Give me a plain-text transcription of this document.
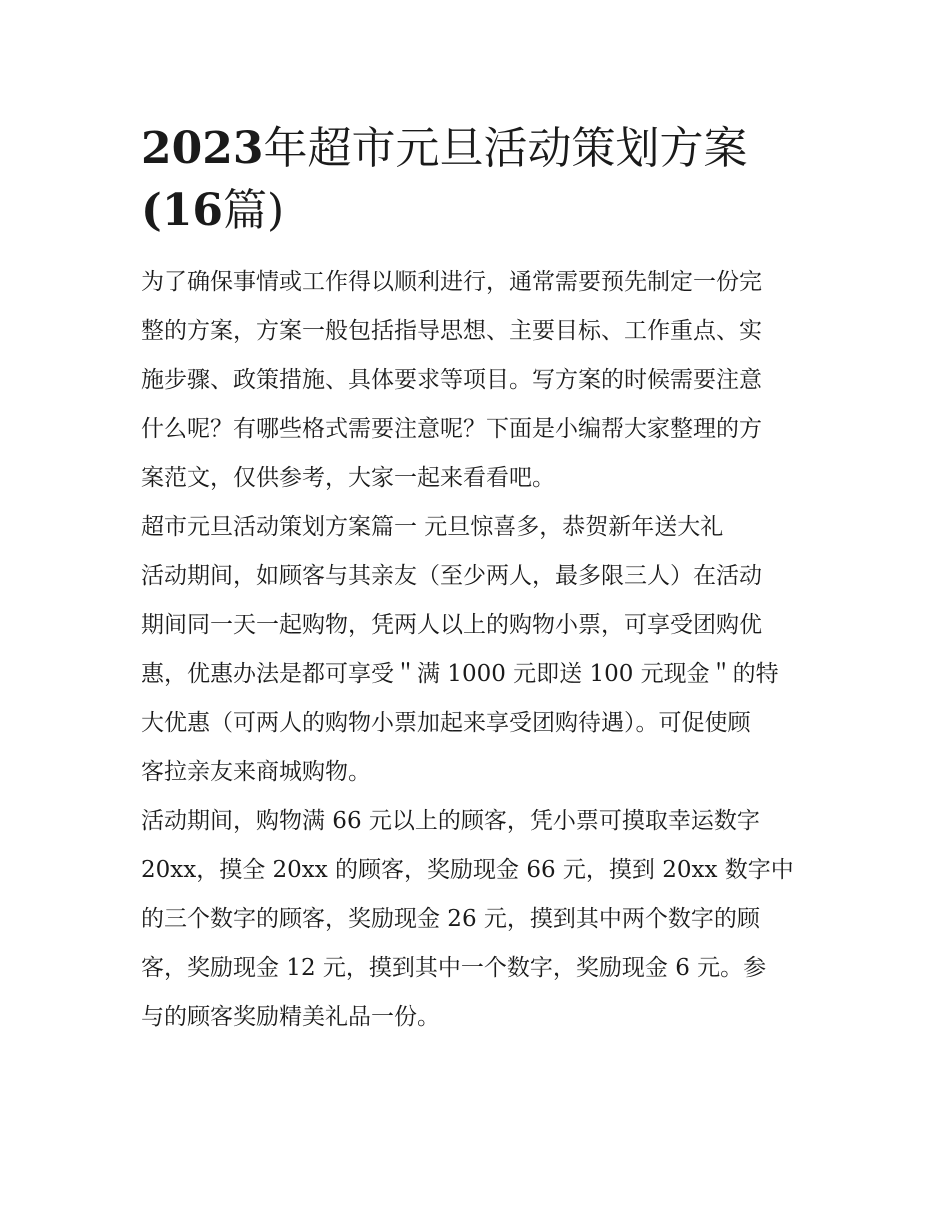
2023年超市元旦活动策划方案
(16篇)

为了确保事情或工作得以顺利进行，通常需要预先制定一份完
整的方案，方案一般包括指导思想、主要目标、工作重点、实
施步骤、政策措施、具体要求等项目。写方案的时候需要注意
什么呢？有哪些格式需要注意呢？下面是小编帮大家整理的方
案范文，仅供参考，大家一起来看看吧。

超市元旦活动策划方案篇一 元旦惊喜多，恭贺新年送大礼

活动期间，如顾客与其亲友（至少两人，最多限三人）在活动
期间同一天一起购物，凭两人以上的购物小票，可享受团购优
惠，优惠办法是都可享受＂满 1000 元即送 100 元现金＂的特
大优惠（可两人的购物小票加起来享受团购待遇）。可促使顾
客拉亲友来商城购物。

活动期间，购物满 66 元以上的顾客，凭小票可摸取幸运数字
20xx，摸全 20xx 的顾客，奖励现金 66 元，摸到 20xx 数字中
的三个数字的顾客，奖励现金 26 元，摸到其中两个数字的顾
客，奖励现金 12 元，摸到其中一个数字，奖励现金 6 元。参
与的顾客奖励精美礼品一份。
